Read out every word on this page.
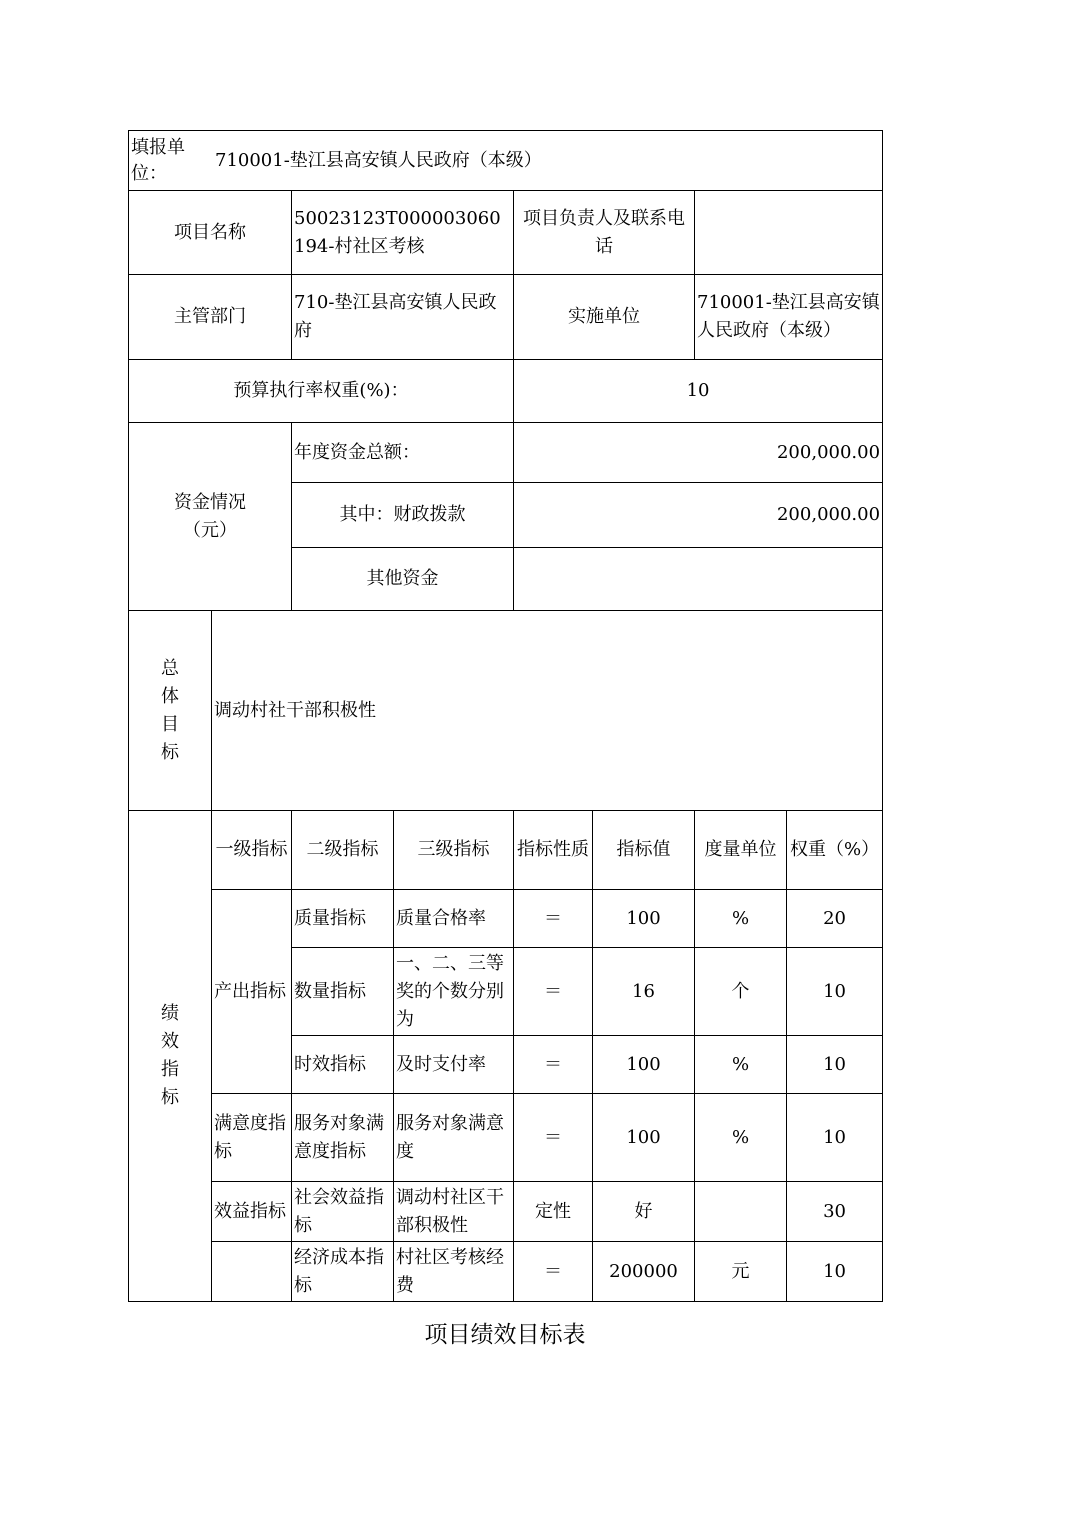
填报单位：
710001-垫江县高安镇人民政府（本级）							

项目名称		50023123T000003060194-村社区考核		项目负责人及联系电话			
主管部门		710-垫江县高安镇人民政府		实施单位		710001-垫江县高安镇人民政府（本级）	
预算执行率权重(%)：				10			

资金情况（元）		年度资金总额：		200,000.00			
		其中：财政拨款		200,000.00			
		其他资金					

总
体
目
标	调动村社干部积极性						

绩
效
指
标	一级指标	二级指标	三级指标	指标性质	指标值	度量单位	权重（%）
	产出指标	质量指标	质量合格率	＝	100	%	20
		数量指标	一、二、三等奖的个数分别为	＝	16	个	10
		时效指标	及时支付率	＝	100	%	10
	满意度指标	服务对象满意度指标	服务对象满意度	＝	100	%	10
	效益指标	社会效益指标	调动村社区干部积极性	定性	好		30
		经济成本指标	村社区考核经费	＝	200000	元	10
项目绩效目标表
